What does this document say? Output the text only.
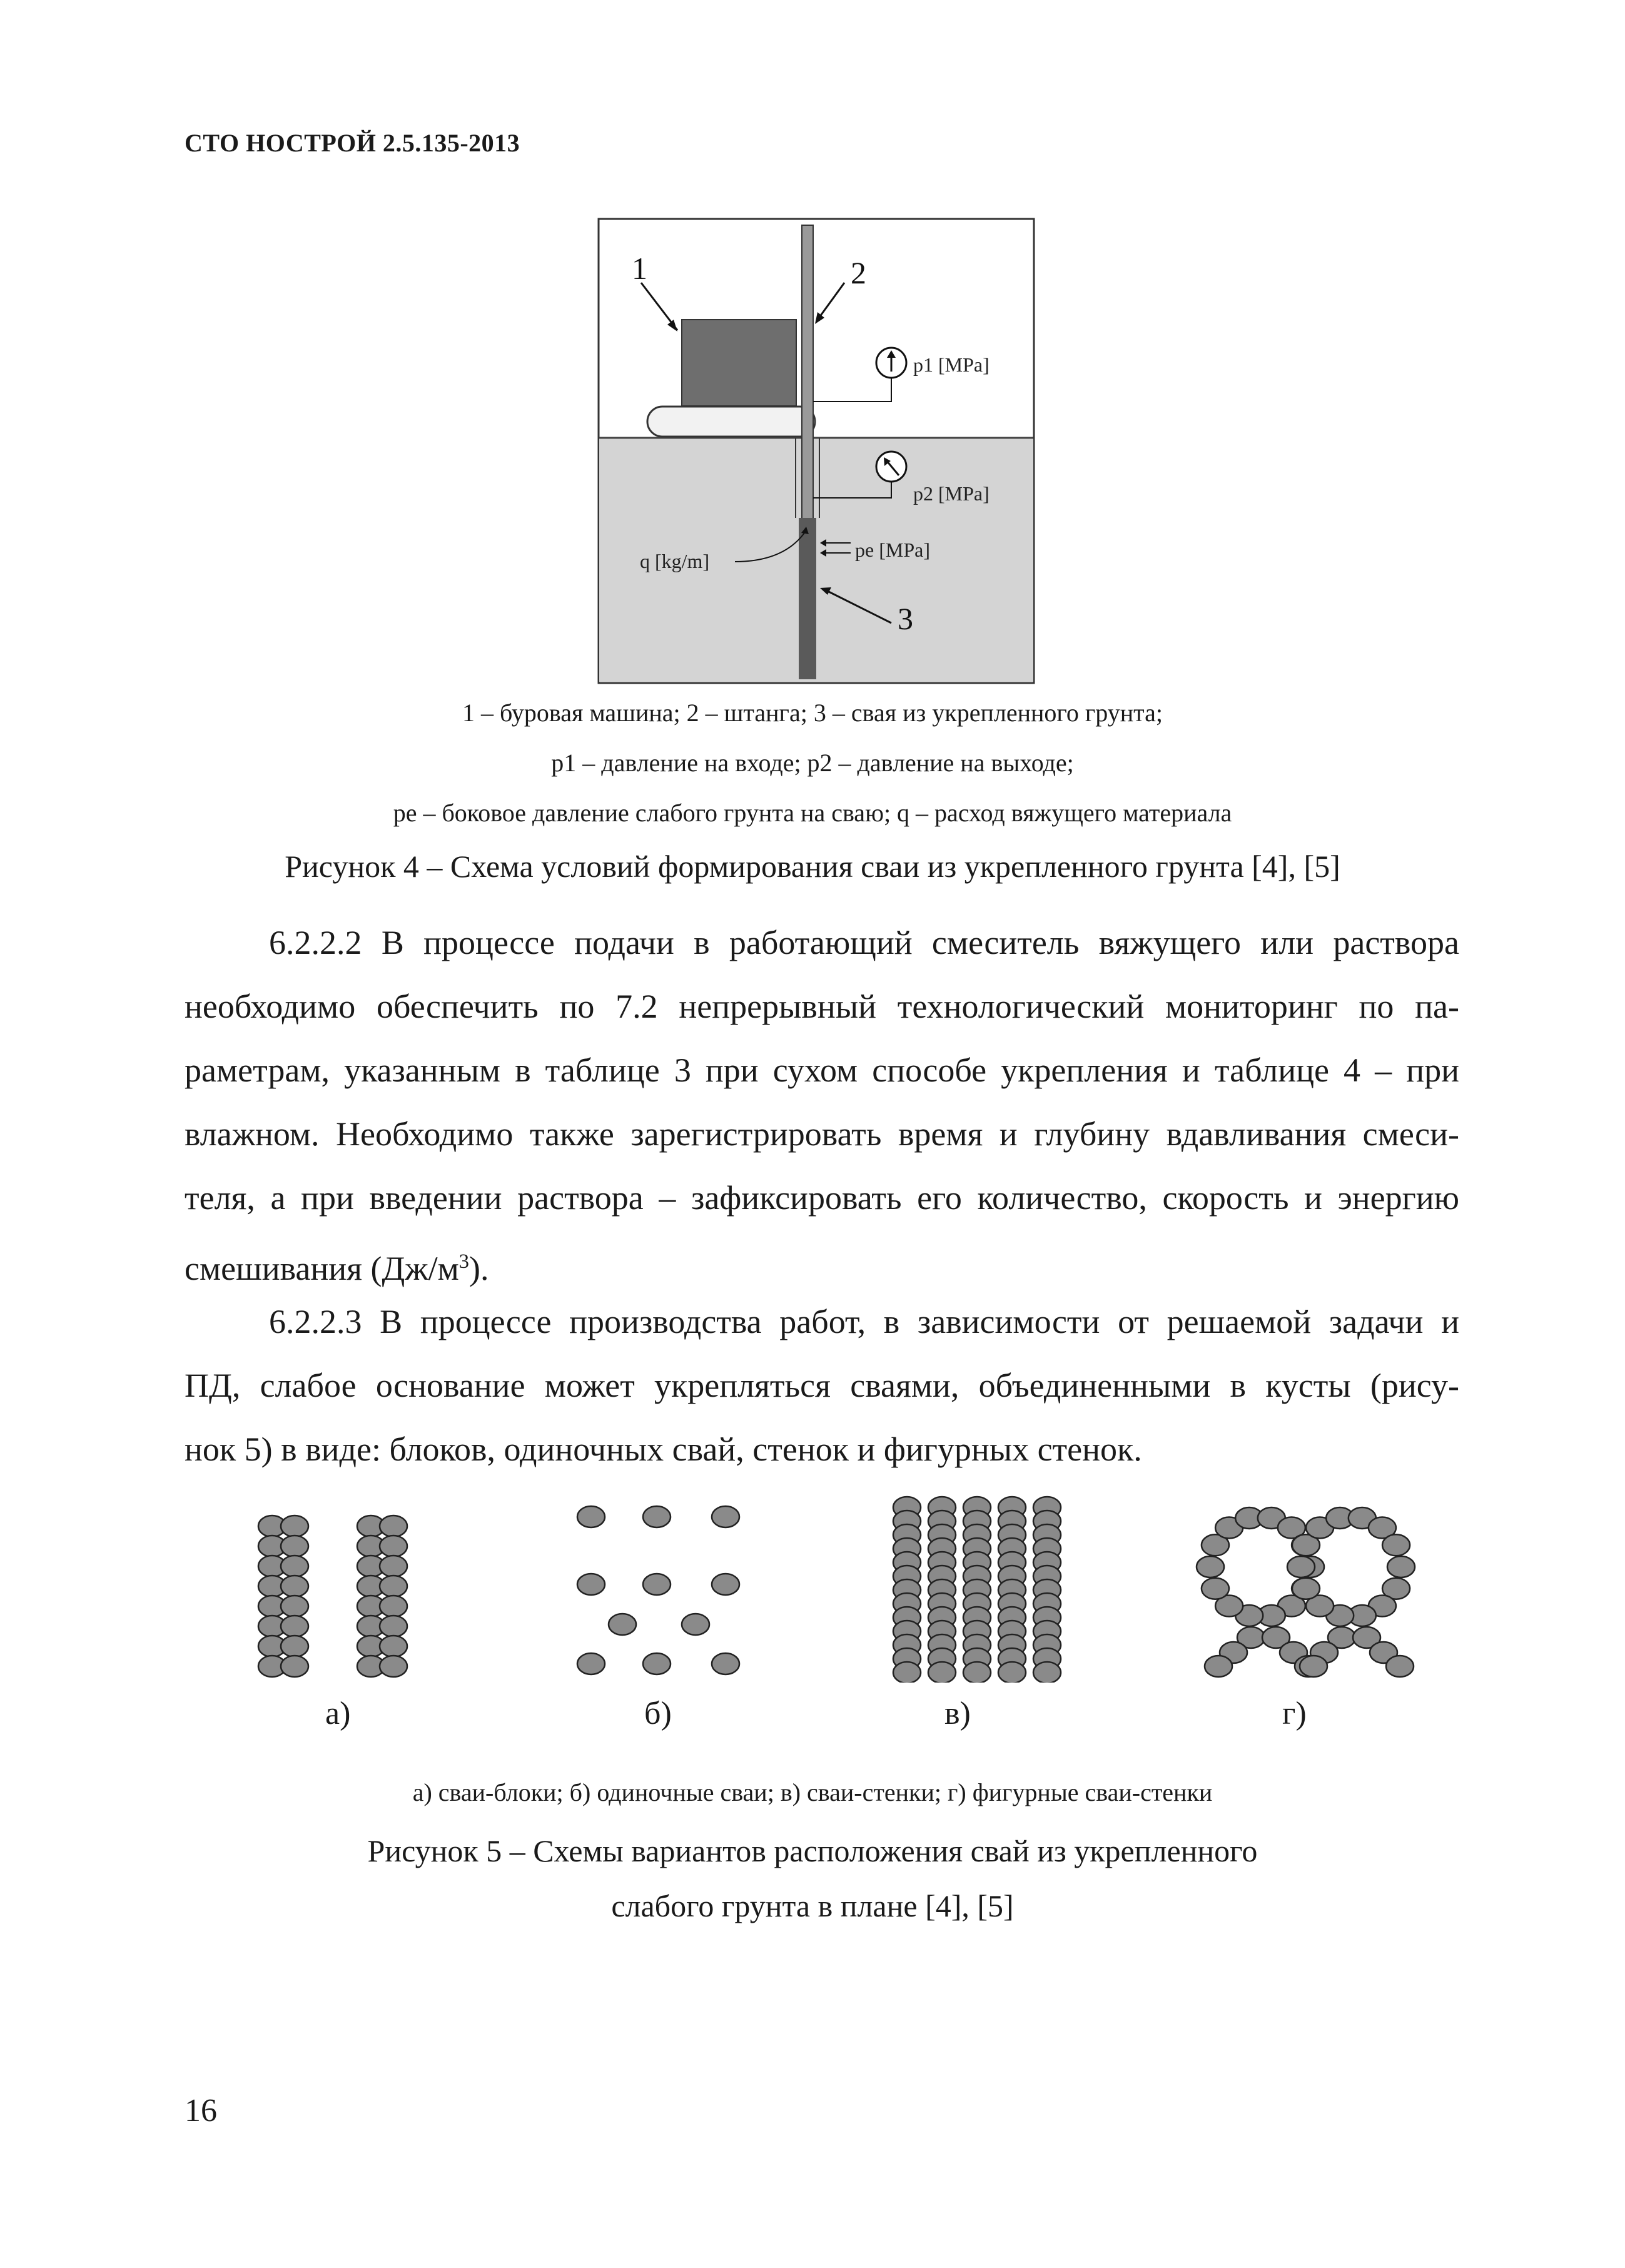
СТО НОСТРОЙ 2.5.135-2013
1	2
3
p1 [MPa]
p2 [MPa]
pe [MPa]
q [kg/m]
1 – буровая машина; 2 – штанга; 3 – свая из укрепленного грунта;
p1 – давление на входе; p2 – давление на выходе;
pe – боковое давление слабого грунта на сваю; q – расход вяжущего материала
Рисунок 4 – Схема условий формирования сваи из укрепленного грунта [4], [5]
6.2.2.2 В процессе подачи в работающий смеситель вяжущего или раствора
необходимо обеспечить по 7.2 непрерывный технологический мониторинг по па-
раметрам, указанным в таблице 3 при сухом способе укрепления и таблице 4 – при
влажном. Необходимо также зарегистрировать время и глубину вдавливания смеси-
теля, а при введении раствора – зафиксировать его количество, скорость и энергию
смешивания $(Дж/м^3)$.
6.2.2.3 В процессе производства работ, в зависимости от решаемой задачи и
ПД, слабое основание может укрепляться сваями, объединенными в кусты (рису-
нок 5) в виде: блоков, одиночных свай, стенок и фигурных стенок.
а)	б)	в)	г)
а) сваи-блоки; б) одиночные сваи; в) сваи-стенки; г) фигурные сваи-стенки
Рисунок 5 – Схемы вариантов расположения свай из укрепленного
слабого грунта в плане [4], [5]
16
